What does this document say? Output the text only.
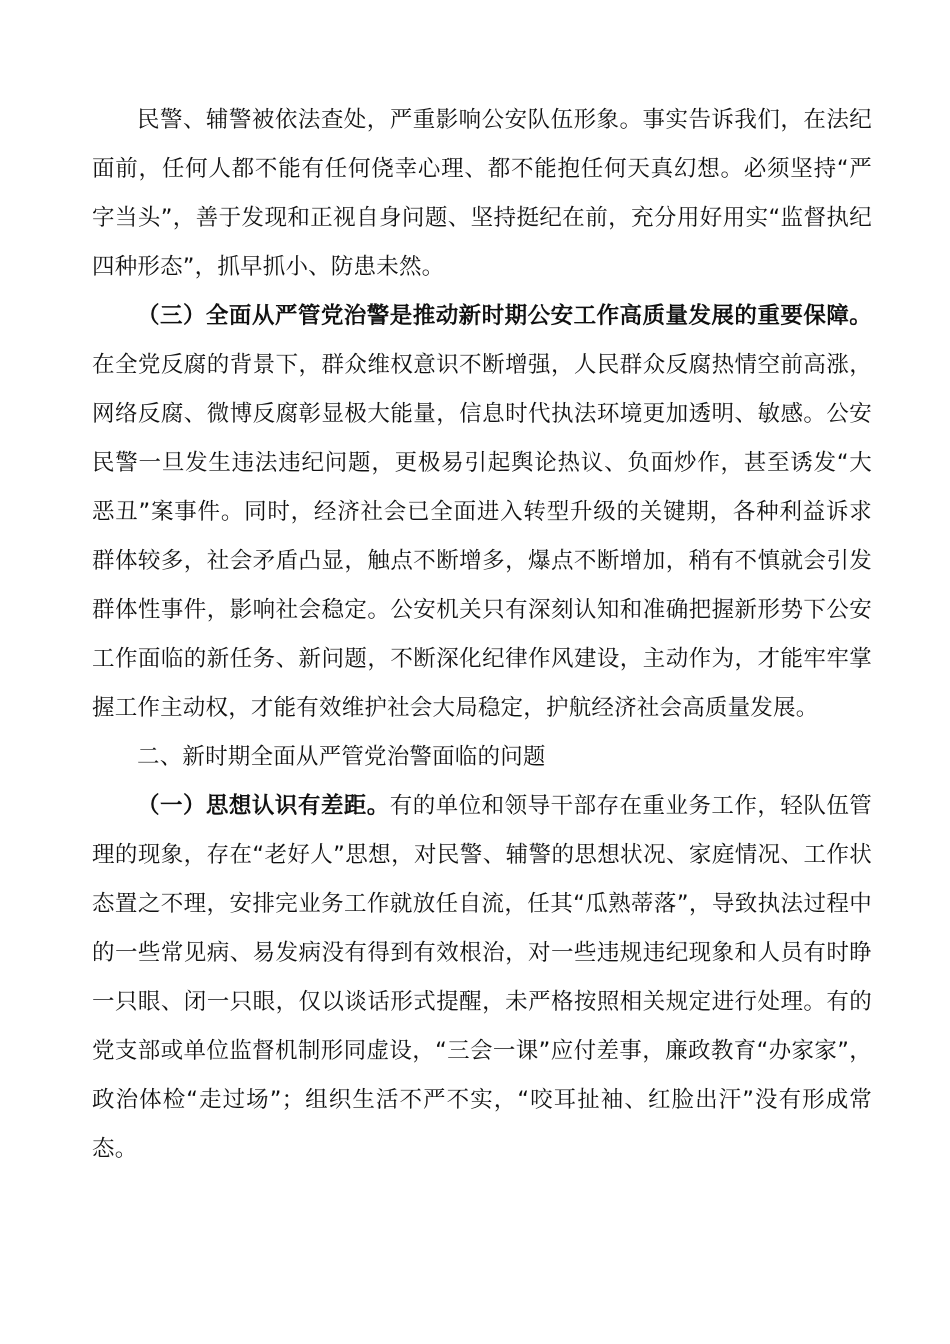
民警、辅警被依法查处，严重影响公安队伍形象。事实告诉我们，在法纪面前，任何人都不能有任何侥幸心理、都不能抱任何天真幻想。必须坚持“严字当头”，善于发现和正视自身问题、坚持挺纪在前，充分用好用实“监督执纪四种形态”，抓早抓小、防患未然。

（三）全面从严管党治警是推动新时期公安工作高质量发展的重要保障。在全党反腐的背景下，群众维权意识不断增强，人民群众反腐热情空前高涨，网络反腐、微博反腐彰显极大能量，信息时代执法环境更加透明、敏感。公安民警一旦发生违法违纪问题，更极易引起舆论热议、负面炒作，甚至诱发“大恶丑”案事件。同时，经济社会已全面进入转型升级的关键期，各种利益诉求群体较多，社会矛盾凸显，触点不断增多，爆点不断增加，稍有不慎就会引发群体性事件，影响社会稳定。公安机关只有深刻认知和准确把握新形势下公安工作面临的新任务、新问题，不断深化纪律作风建设，主动作为，才能牢牢掌握工作主动权，才能有效维护社会大局稳定，护航经济社会高质量发展。

二、新时期全面从严管党治警面临的问题

（一）思想认识有差距。有的单位和领导干部存在重业务工作，轻队伍管理的现象，存在“老好人”思想，对民警、辅警的思想状况、家庭情况、工作状态置之不理，安排完业务工作就放任自流，任其“瓜熟蒂落”，导致执法过程中的一些常见病、易发病没有得到有效根治，对一些违规违纪现象和人员有时睁一只眼、闭一只眼，仅以谈话形式提醒，未严格按照相关规定进行处理。有的党支部或单位监督机制形同虚设，“三会一课”应付差事，廉政教育“办家家”，政治体检“走过场”；组织生活不严不实，“咬耳扯袖、红脸出汗”没有形成常态。
